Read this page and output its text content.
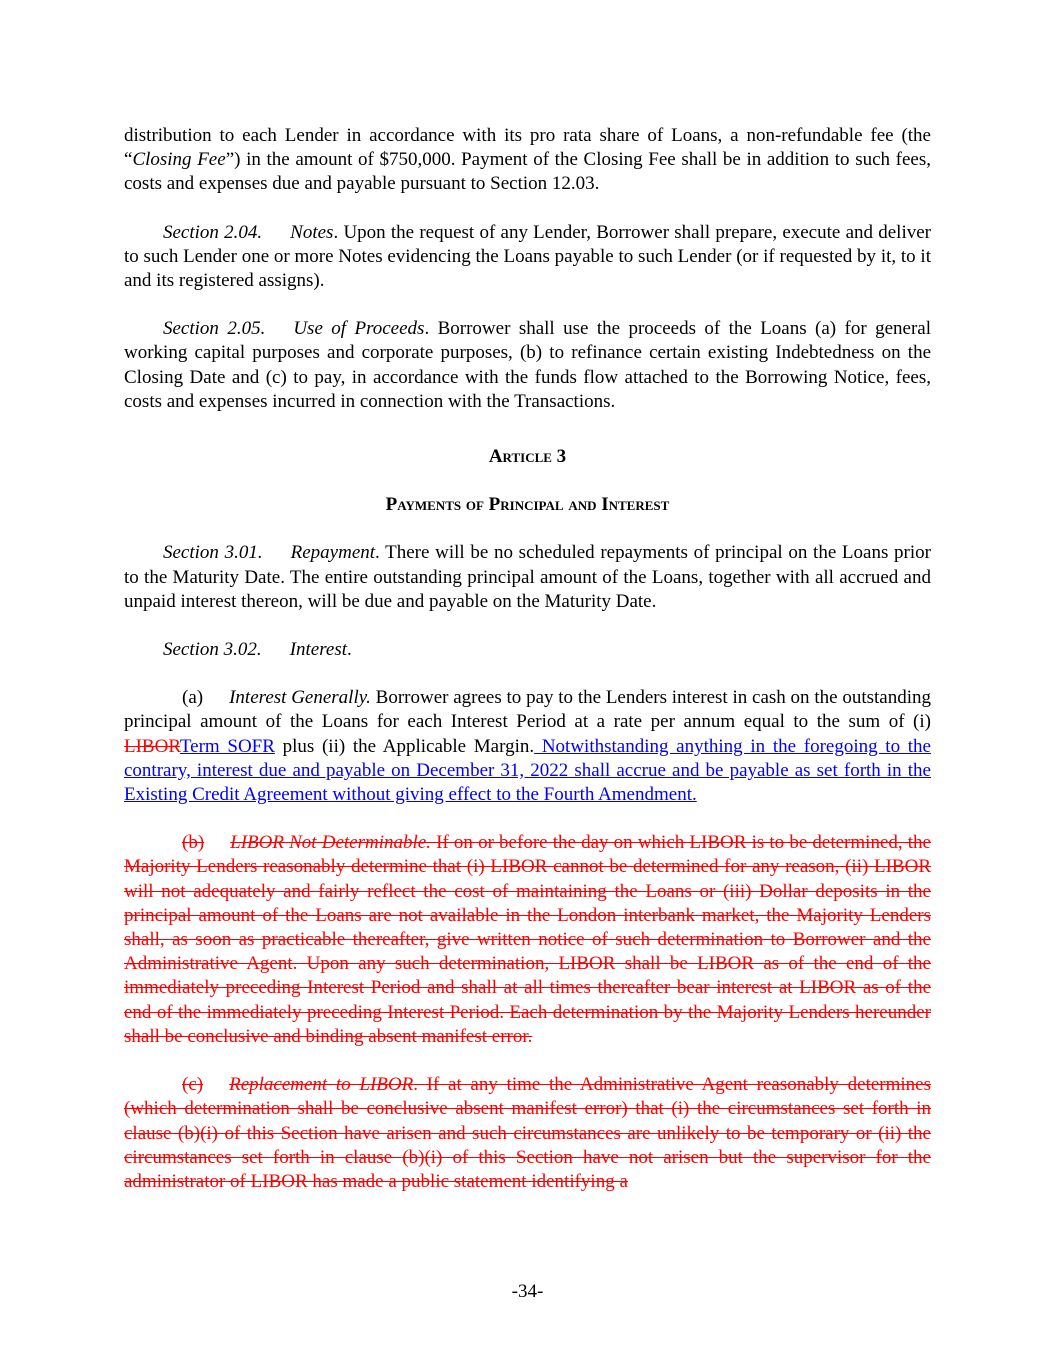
distribution to each Lender in accordance with its pro rata share of Loans, a non-refundable fee (the “Closing Fee”) in the amount of $750,000. Payment of the Closing Fee shall be in addition to such fees, costs and expenses due and payable pursuant to Section 12.03.

Section 2.04. Notes. Upon the request of any Lender, Borrower shall prepare, execute and deliver to such Lender one or more Notes evidencing the Loans payable to such Lender (or if requested by it, to it and its registered assigns).

Section 2.05. Use of Proceeds. Borrower shall use the proceeds of the Loans (a) for general working capital purposes and corporate purposes, (b) to refinance certain existing Indebtedness on the Closing Date and (c) to pay, in accordance with the funds flow attached to the Borrowing Notice, fees, costs and expenses incurred in connection with the Transactions.

Article 3

Payments of Principal and Interest

Section 3.01. Repayment. There will be no scheduled repayments of principal on the Loans prior to the Maturity Date. The entire outstanding principal amount of the Loans, together with all accrued and unpaid interest thereon, will be due and payable on the Maturity Date.

Section 3.02. Interest.

(a) Interest Generally. Borrower agrees to pay to the Lenders interest in cash on the outstanding principal amount of the Loans for each Interest Period at a rate per annum equal to the sum of (i) LIBORTerm SOFR plus (ii) the Applicable Margin. Notwithstanding anything in the foregoing to the contrary, interest due and payable on December 31, 2022 shall accrue and be payable as set forth in the Existing Credit Agreement without giving effect to the Fourth Amendment.

(b) LIBOR Not Determinable. If on or before the day on which LIBOR is to be determined, the Majority Lenders reasonably determine that (i) LIBOR cannot be determined for any reason, (ii) LIBOR will not adequately and fairly reflect the cost of maintaining the Loans or (iii) Dollar deposits in the principal amount of the Loans are not available in the London interbank market, the Majority Lenders shall, as soon as practicable thereafter, give written notice of such determination to Borrower and the Administrative Agent. Upon any such determination, LIBOR shall be LIBOR as of the end of the immediately preceding Interest Period and shall at all times thereafter bear interest at LIBOR as of the end of the immediately preceding Interest Period. Each determination by the Majority Lenders hereunder shall be conclusive and binding absent manifest error.

(c) Replacement to LIBOR. If at any time the Administrative Agent reasonably determines (which determination shall be conclusive absent manifest error) that (i) the circumstances set forth in clause (b)(i) of this Section have arisen and such circumstances are unlikely to be temporary or (ii) the circumstances set forth in clause (b)(i) of this Section have not arisen but the supervisor for the administrator of LIBOR has made a public statement identifying a

-34-
